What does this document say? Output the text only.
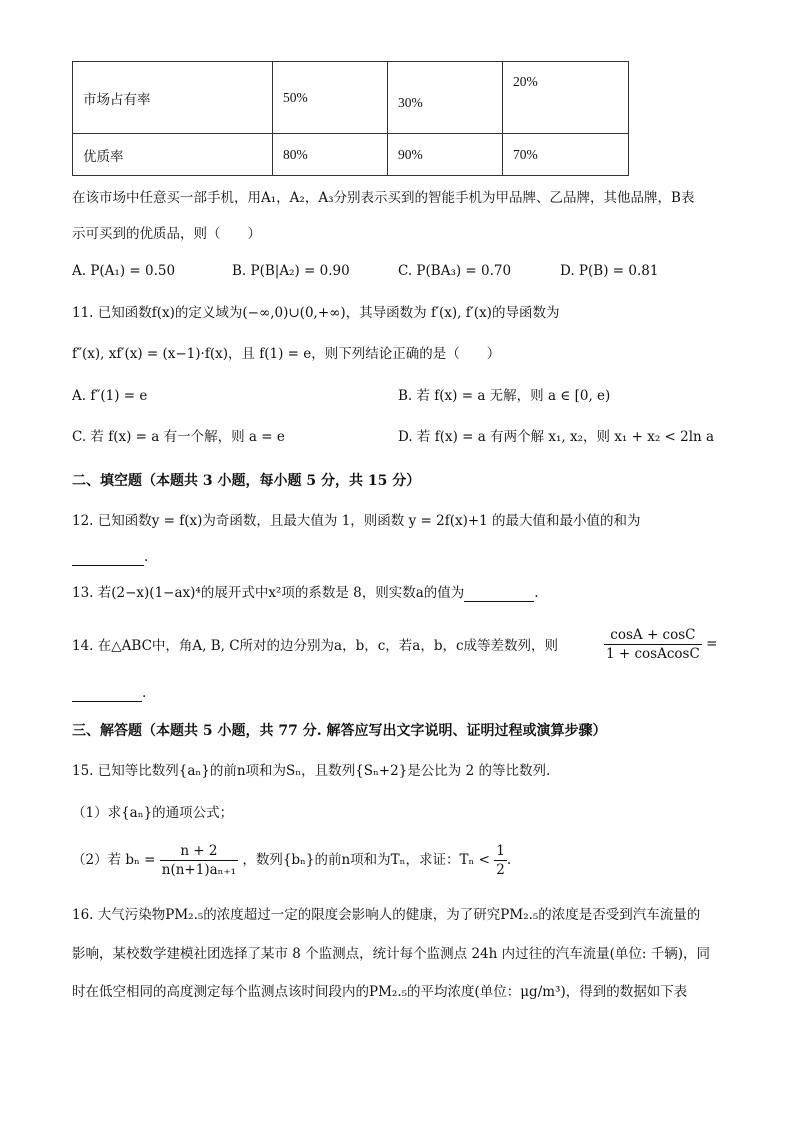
市场占有率	50%	30%	20%
优质率	80%	90%	70%
在该市场中任意买一部手机，用A₁，A₂，A₃分别表示买到的智能手机为甲品牌、乙品牌，其他品牌，B表
示可买到的优质品，则（　　）
A. P(A₁) = 0.50	B. P(B|A₂) = 0.90	C. P(BA₃) = 0.70	D. P(B) = 0.81
11. 已知函数f(x)的定义域为(−∞,0)∪(0,+∞)，其导函数为 f′(x), f′(x)的导函数为
f″(x), xf′(x) = (x−1)·f(x)，且 f(1) = e，则下列结论正确的是（　　）
A. f″(1) = e	B. 若 f(x) = a 无解，则 a ∈ [0, e)
C. 若 f(x) = a 有一个解，则 a = e	D. 若 f(x) = a 有两个解 x₁, x₂，则 x₁ + x₂ < 2ln a
二、填空题（本题共 3 小题，每小题 5 分，共 15 分）
12. 已知函数y = f(x)为奇函数，且最大值为 1，则函数 y = 2f(x)+1 的最大值和最小值的和为
.
13. 若(2−x)(1−ax)⁴的展开式中x²项的系数是 8，则实数a的值为	.
14. 在△ABC中，角A, B, C所对的边分别为a，b，c，若a，b，c成等差数列，则	$\frac{\cos A + \cos C}{\text{1 + cosAcosC}}$ =
.
三、解答题（本题共 5 小题，共 77 分. 解答应写出文字说明、证明过程或演算步骤）
15. 已知等比数列{aₙ}的前n项和为Sₙ，且数列{Sₙ+2}是公比为 2 的等比数列.
（1）求{aₙ}的通项公式；
（2）若 $b_n = \frac{n + 2}{\text{n(n+1)aₙ₊₁}}$ ，数列{bₙ}的前n项和为Tₙ，求证：$T_n < \frac{1}{2}$ .
16. 大气污染物PM₂.₅的浓度超过一定的限度会影响人的健康，为了研究PM₂.₅的浓度是否受到汽车流量的
影响，某校数学建模社团选择了某市 8 个监测点，统计每个监测点 24h 内过往的汽车流量(单位: 千辆)，同
时在低空相同的高度测定每个监测点该时间段内的PM₂.₅的平均浓度(单位：μg/m³)，得到的数据如下表
